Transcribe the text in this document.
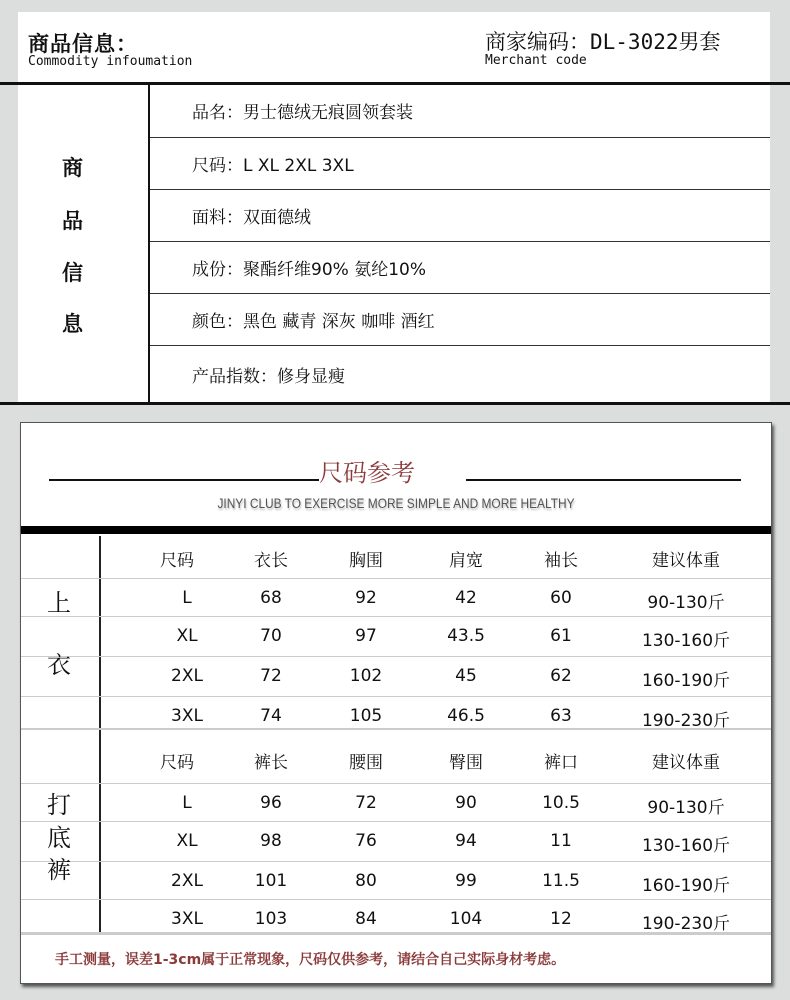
商品信息：
Commodity infoumation
商家编码：DL-3022男套
Merchant code
商
品
信
息
品名：男士德绒无痕圆领套装
尺码：L XL 2XL 3XL
面料：双面德绒
成份：聚酯纤维90% 氨纶10%
颜色：黑色 藏青 深灰 咖啡 酒红
产品指数：修身显瘦
尺码参考
JINYI CLUB TO EXERCISE MORE SIMPLE AND MORE HEALTHY
尺码	衣长	胸围	肩宽	袖长	建议体重
L	68	92	42	60	90-130斤
XL	70	97	43.5	61	130-160斤
2XL	72	102	45	62	160-190斤
3XL	74	105	46.5	63	190-230斤
上
衣
尺码	裤长	腰围	臀围	裤口	建议体重
L	96	72	90	10.5	90-130斤
XL	98	76	94	11	130-160斤
2XL	101	80	99	11.5	160-190斤
3XL	103	84	104	12	190-230斤
打
底
裤
手工测量，误差1-3cm属于正常现象，尺码仅供参考，请结合自己实际身材考虑。
